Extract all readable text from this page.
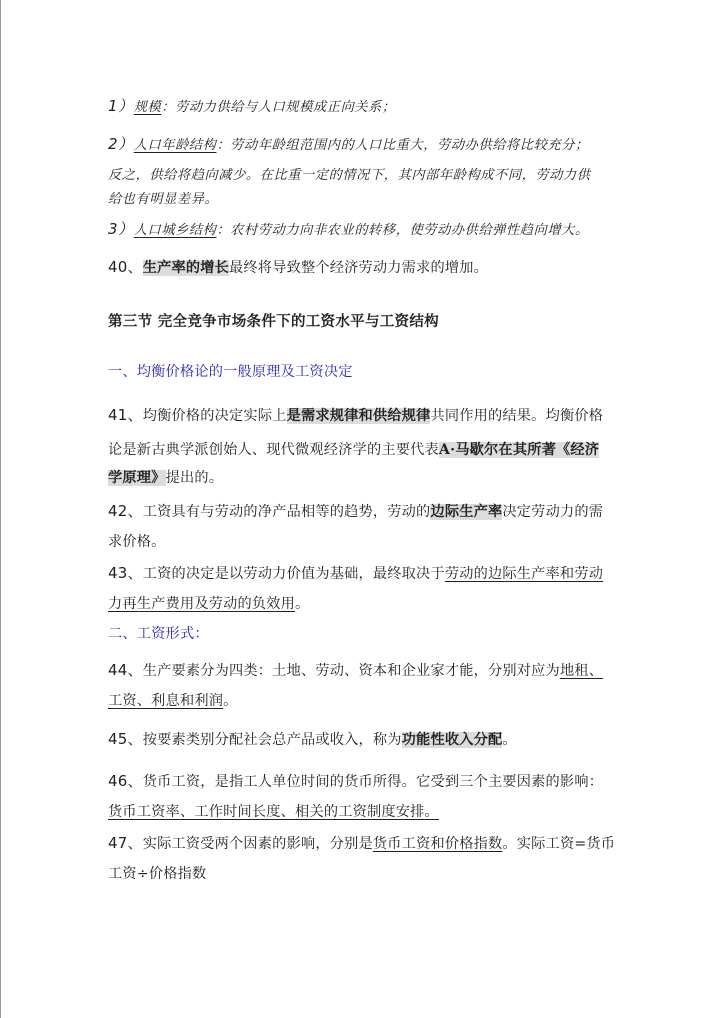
1）规模：劳动力供给与人口规模成正向关系；
2）人口年龄结构：劳动年龄组范围内的人口比重大，劳动办供给将比较充分；
反之，供给将趋向减少。在比重一定的情况下，其内部年龄构成不同，劳动力供
给也有明显差异。
3）人口城乡结构：农村劳动力向非农业的转移，使劳动办供给弹性趋向增大。
40、生产率的增长最终将导致整个经济劳动力需求的增加。
第三节 完全竞争市场条件下的工资水平与工资结构
一、均衡价格论的一般原理及工资决定
41、均衡价格的决定实际上是需求规律和供给规律共同作用的结果。均衡价格
论是新古典学派创始人、现代微观经济学的主要代表A·马歇尔在其所著《经济
学原理》提出的。
42、工资具有与劳动的净产品相等的趋势，劳动的边际生产率决定劳动力的需
求价格。
43、工资的决定是以劳动力价值为基础，最终取决于劳动的边际生产率和劳动
力再生产费用及劳动的负效用。
二、工资形式：
44、生产要素分为四类：土地、劳动、资本和企业家才能，分别对应为地租、
工资、利息和利润。
45、按要素类别分配社会总产品或收入，称为功能性收入分配。
46、货币工资，是指工人单位时间的货币所得。它受到三个主要因素的影响：
货币工资率、工作时间长度、相关的工资制度安排。
47、实际工资受两个因素的影响，分别是货币工资和价格指数。实际工资=货币
工资÷价格指数
